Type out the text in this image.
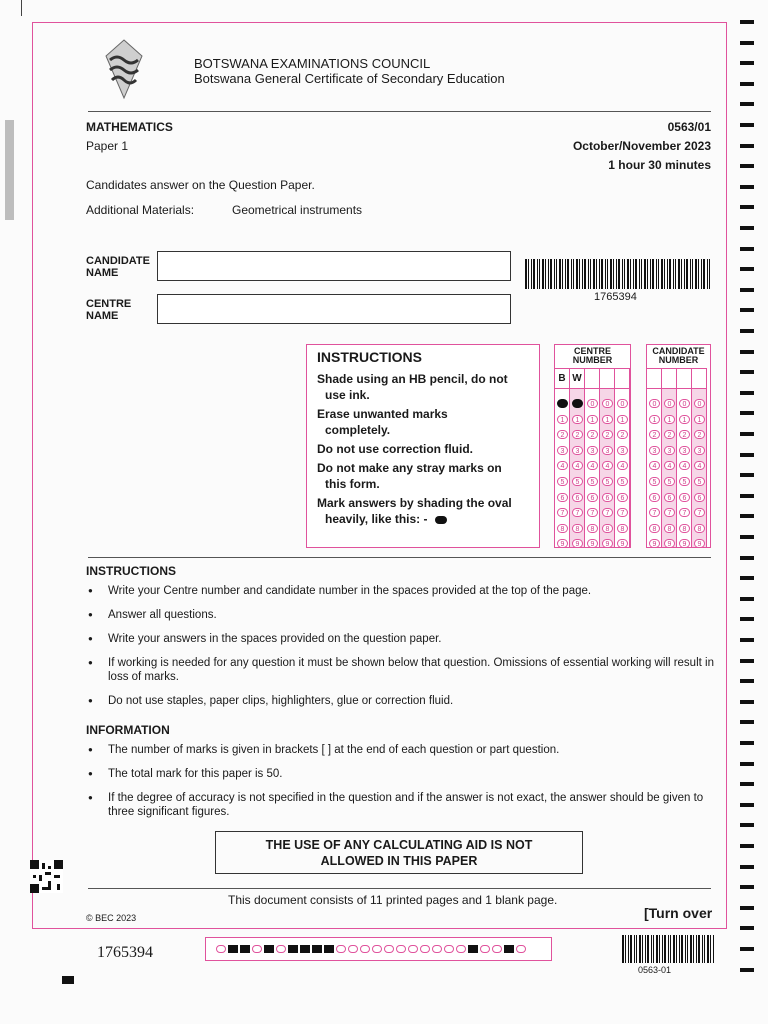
BOTSWANA EXAMINATIONS COUNCIL
Botswana General Certificate of Secondary Education
MATHEMATICS
Paper 1
0563/01
October/November 2023
1 hour 30 minutes
Candidates answer on the Question Paper.
Additional Materials:	Geometrical instruments
CANDIDATE
NAME
CENTRE
NAME
1765394
INSTRUCTIONS
Shade using an HB pencil, do not
use ink.
Erase unwanted marks
completely.
Do not use correction fluid.
Do not make any stray marks on
this form.
Mark answers by shading the oval
heavily, like this: -
CENTRE
NUMBER
B
1
2
3
4
5
6
7
8
9
W
1
2
3
4
5
6
7
8
9
0
1
2
3
4
5
6
7
8
9
0
1
2
3
4
5
6
7
8
9
0
1
2
3
4
5
6
7
8
9
CANDIDATE
NUMBER
0
1
2
3
4
5
6
7
8
9
0
1
2
3
4
5
6
7
8
9
0
1
2
3
4
5
6
7
8
9
0
1
2
3
4
5
6
7
8
9
INSTRUCTIONS
● Write your Centre number and candidate number in the spaces provided at the top of the page.
● Answer all questions.
● Write your answers in the spaces provided on the question paper.
● If working is needed for any question it must be shown below that question. Omissions of essential working will result in loss of marks.
● Do not use staples, paper clips, highlighters, glue or correction fluid.
INFORMATION
● The number of marks is given in brackets [ ] at the end of each question or part question.
● The total mark for this paper is 50.
● If the degree of accuracy is not specified in the question and if the answer is not exact, the answer should be given to three significant figures.
THE USE OF ANY CALCULATING AID IS NOT
ALLOWED IN THIS PAPER
This document consists of 11 printed pages and 1 blank page.
© BEC 2023	[Turn over
1765394
0563-01
